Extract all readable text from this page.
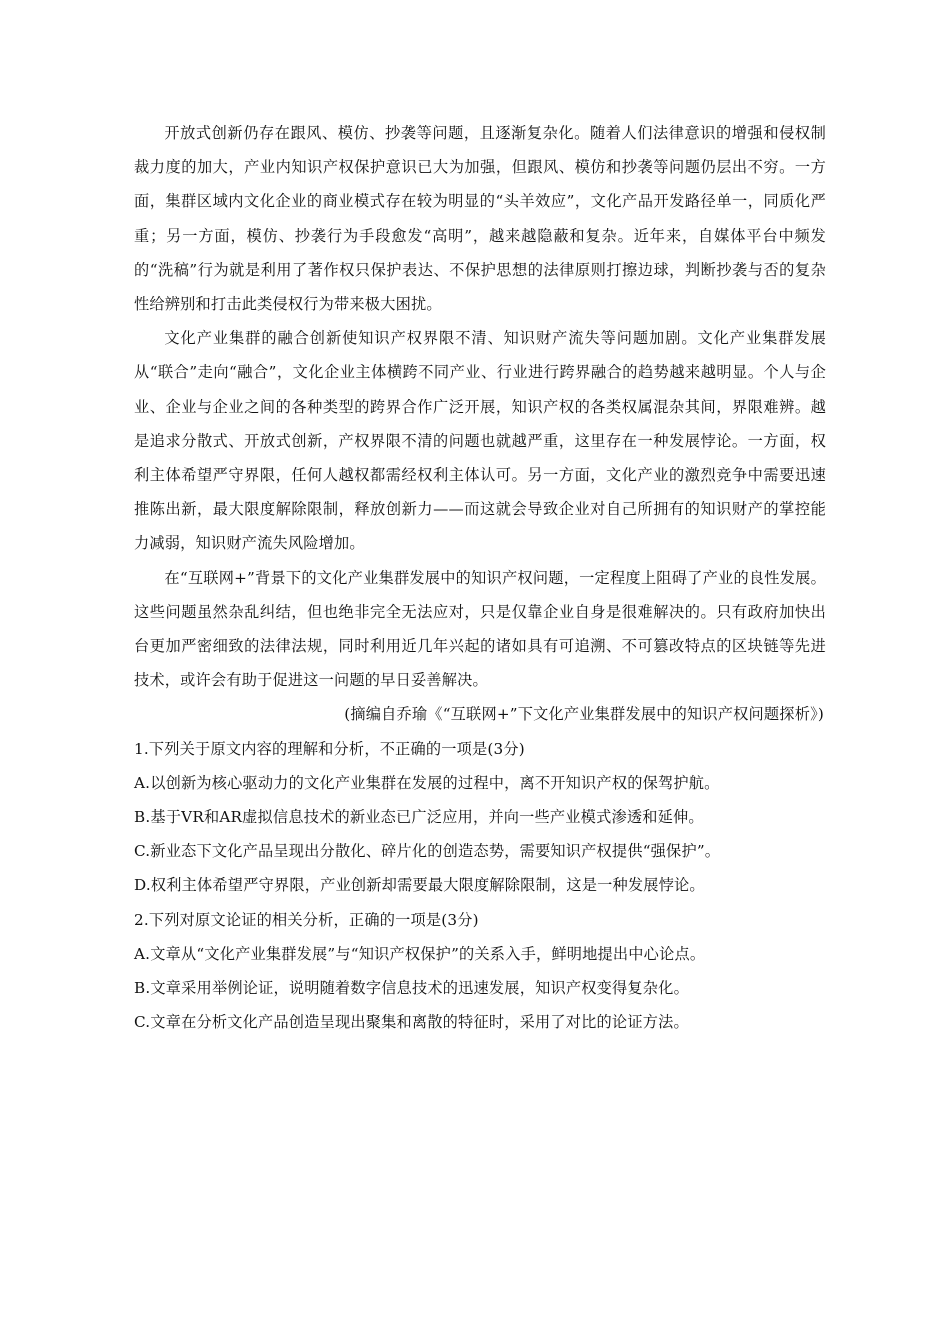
开放式创新仍存在跟风、模仿、抄袭等问题，且逐渐复杂化。随着人们法律意识的增强和侵权制裁力度的加大，产业内知识产权保护意识已大为加强，但跟风、模仿和抄袭等问题仍层出不穷。一方面，集群区域内文化企业的商业模式存在较为明显的“头羊效应”，文化产品开发路径单一，同质化严重；另一方面，模仿、抄袭行为手段愈发“高明”，越来越隐蔽和复杂。近年来，自媒体平台中频发的“洗稿”行为就是利用了著作权只保护表达、不保护思想的法律原则打擦边球，判断抄袭与否的复杂性给辨别和打击此类侵权行为带来极大困扰。

文化产业集群的融合创新使知识产权界限不清、知识财产流失等问题加剧。文化产业集群发展从“联合”走向“融合”，文化企业主体横跨不同产业、行业进行跨界融合的趋势越来越明显。个人与企业、企业与企业之间的各种类型的跨界合作广泛开展，知识产权的各类权属混杂其间，界限难辨。越是追求分散式、开放式创新，产权界限不清的问题也就越严重，这里存在一种发展悖论。一方面，权利主体希望严守界限，任何人越权都需经权利主体认可。另一方面，文化产业的激烈竞争中需要迅速推陈出新，最大限度解除限制，释放创新力——而这就会导致企业对自己所拥有的知识财产的掌控能力减弱，知识财产流失风险增加。

在“互联网+”背景下的文化产业集群发展中的知识产权问题，一定程度上阻碍了产业的良性发展。这些问题虽然杂乱纠结，但也绝非完全无法应对，只是仅靠企业自身是很难解决的。只有政府加快出台更加严密细致的法律法规，同时利用近几年兴起的诸如具有可追溯、不可篡改特点的区块链等先进技术，或许会有助于促进这一问题的早日妥善解决。

(摘编自乔瑜《“互联网+”下文化产业集群发展中的知识产权问题探析》)

1.下列关于原文内容的理解和分析，不正确的一项是(3分)

A.以创新为核心驱动力的文化产业集群在发展的过程中，离不开知识产权的保驾护航。

B.基于VR和AR虚拟信息技术的新业态已广泛应用，并向一些产业模式渗透和延伸。

C.新业态下文化产品呈现出分散化、碎片化的创造态势，需要知识产权提供“强保护”。

D.权利主体希望严守界限，产业创新却需要最大限度解除限制，这是一种发展悖论。

2.下列对原文论证的相关分析，正确的一项是(3分)

A.文章从“文化产业集群发展”与“知识产权保护”的关系入手，鲜明地提出中心论点。

B.文章采用举例论证，说明随着数字信息技术的迅速发展，知识产权变得复杂化。

C.文章在分析文化产品创造呈现出聚集和离散的特征时，采用了对比的论证方法。
